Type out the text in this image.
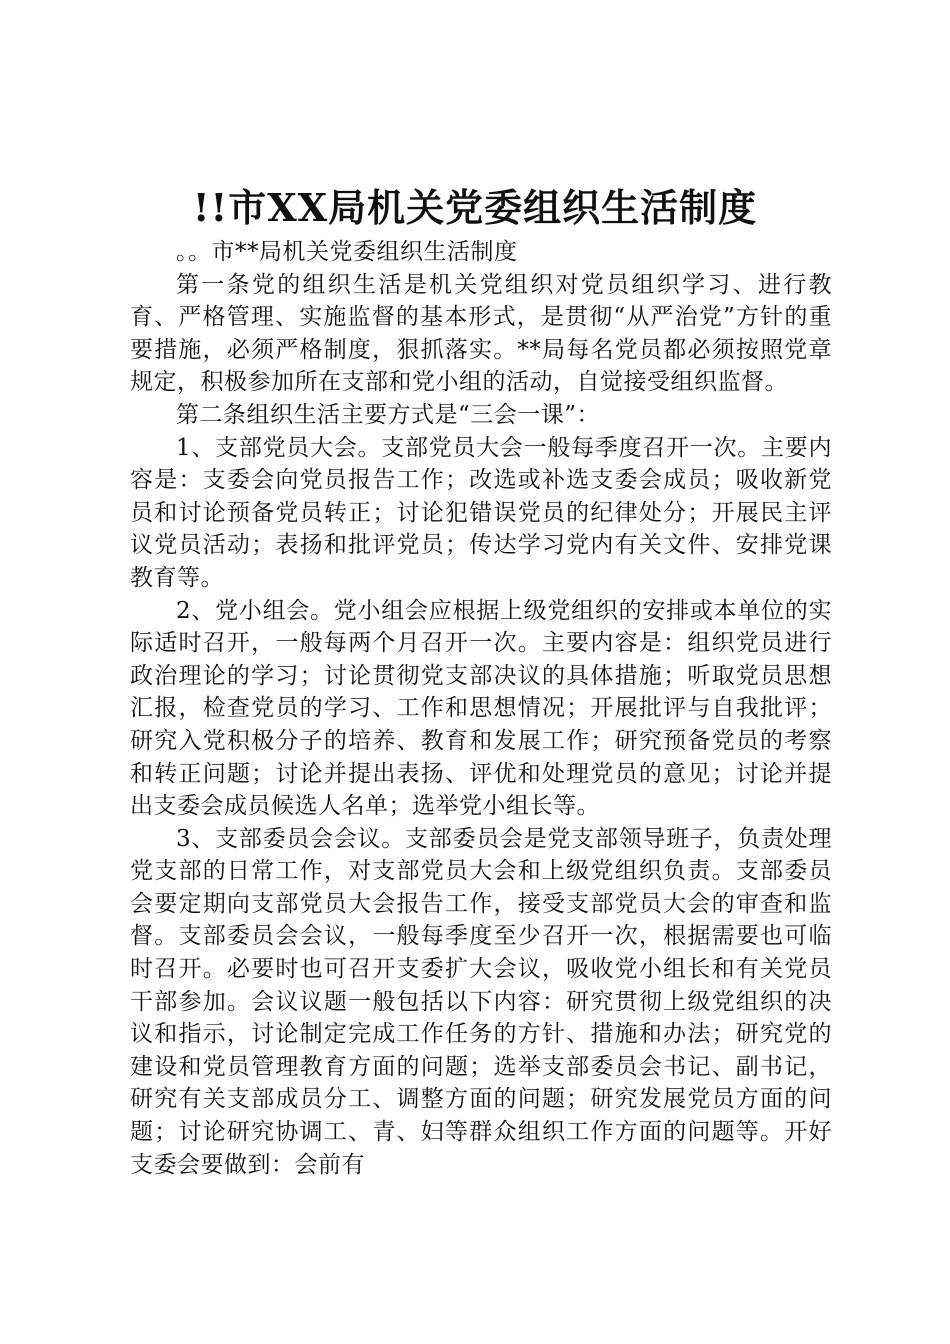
!!市XX局机关党委组织生活制度

。。市**局机关党委组织生活制度

第一条党的组织生活是机关党组织对党员组织学习、进行教育、严格管理、实施监督的基本形式，是贯彻“从严治党”方针的重要措施，必须严格制度，狠抓落实。**局每名党员都必须按照党章规定，积极参加所在支部和党小组的活动，自觉接受组织监督。

第二条组织生活主要方式是“三会一课”：

1、支部党员大会。支部党员大会一般每季度召开一次。主要内容是：支委会向党员报告工作；改选或补选支委会成员；吸收新党员和讨论预备党员转正；讨论犯错误党员的纪律处分；开展民主评议党员活动；表扬和批评党员；传达学习党内有关文件、安排党课教育等。

2、党小组会。党小组会应根据上级党组织的安排或本单位的实际适时召开，一般每两个月召开一次。主要内容是：组织党员进行政治理论的学习；讨论贯彻党支部决议的具体措施；听取党员思想汇报，检查党员的学习、工作和思想情况；开展批评与自我批评；研究入党积极分子的培养、教育和发展工作；研究预备党员的考察和转正问题；讨论并提出表扬、评优和处理党员的意见；讨论并提出支委会成员候选人名单；选举党小组长等。

3、支部委员会会议。支部委员会是党支部领导班子，负责处理党支部的日常工作，对支部党员大会和上级党组织负责。支部委员会要定期向支部党员大会报告工作，接受支部党员大会的审查和监督。支部委员会会议，一般每季度至少召开一次，根据需要也可临时召开。必要时也可召开支委扩大会议，吸收党小组长和有关党员干部参加。会议议题一般包括以下内容：研究贯彻上级党组织的决议和指示，讨论制定完成工作任务的方针、措施和办法；研究党的建设和党员管理教育方面的问题；选举支部委员会书记、副书记，研究有关支部成员分工、调整方面的问题；研究发展党员方面的问题；讨论研究协调工、青、妇等群众组织工作方面的问题等。开好支委会要做到：会前有
